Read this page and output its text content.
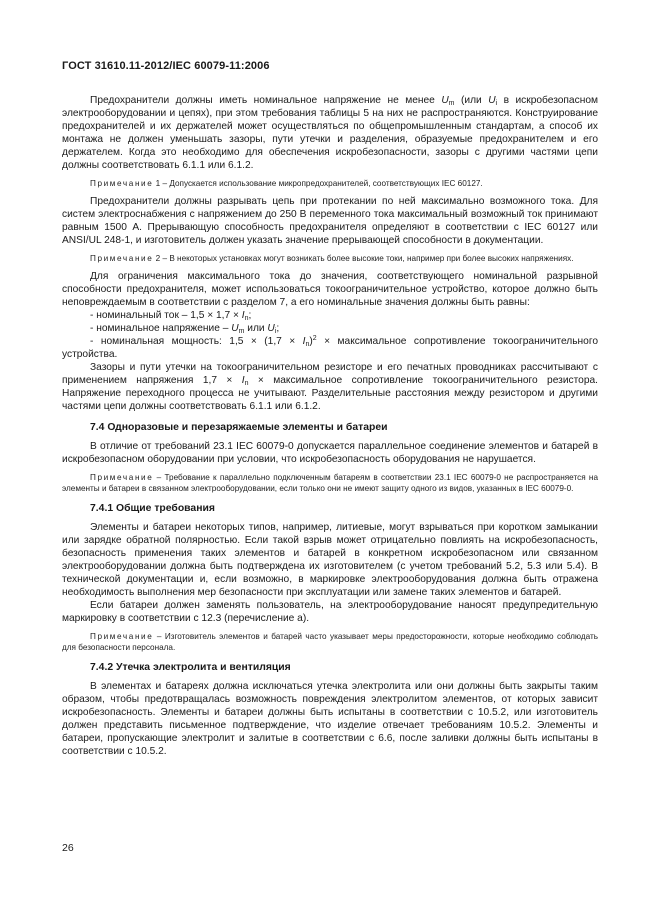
ГОСТ 31610.11-2012/IEC 60079-11:2006

Предохранители должны иметь номинальное напряжение не менее $U_m$ (или $U_i$ в искробезопасном электрооборудовании и цепях), при этом требования таблицы 5 на них не распространяются. Конструирование предохранителей и их держателей может осуществляться по общепромышленным стандартам, а способ их монтажа не должен уменьшать зазоры, пути утечки и разделения, образуемые предохранителем и его держателем. Когда это необходимо для обеспечения искробезопасности, зазоры с другими частями цепи должны соответствовать 6.1.1 или 6.1.2.

Примечание 1 – Допускается использование микропредохранителей, соответствующих IEC 60127.

Предохранители должны разрывать цепь при протекании по ней максимально возможного тока. Для систем электроснабжения с напряжением до 250 В переменного тока максимальный возможный ток принимают равным 1500 А. Прерывающую способность предохранителя определяют в соответствии с IEC 60127 или ANSI/UL 248-1, и изготовитель должен указать значение прерывающей способности в документации.

Примечание 2 – В некоторых установках могут возникать более высокие токи, например при более высоких напряжениях.

Для ограничения максимального тока до значения, соответствующего номинальной разрывной способности предохранителя, может использоваться токоограничительное устройство, которое должно быть неповреждаемым в соответствии с разделом 7, а его номинальные значения должны быть равны:

- номинальный ток – $1,5 \times 1,7 \times I_n$;

- номинальное напряжение – $U_m$ или $U_i$;

- номинальная мощность: $1,5 \times (1,7 \times I_n)^2$ × максимальное сопротивление токоограничительного устройства.

Зазоры и пути утечки на токоограничительном резисторе и его печатных проводниках рассчитывают с применением напряжения $1,7 \times I_n$ × максимальное сопротивление токоограничительного резистора. Напряжение переходного процесса не учитывают. Разделительные расстояния между резистором и другими частями цепи должны соответствовать 6.1.1 или 6.1.2.

7.4 Одноразовые и перезаряжаемые элементы и батареи

В отличие от требований 23.1 IEC 60079-0 допускается параллельное соединение элементов и батарей в искробезопасном оборудовании при условии, что искробезопасность оборудования не нарушается.

Примечание – Требование к параллельно подключенным батареям в соответствии 23.1 IEC 60079-0 не распространяется на элементы и батареи в связанном электрооборудовании, если только они не имеют защиту одного из видов, указанных в IEC 60079-0.

7.4.1 Общие требования

Элементы и батареи некоторых типов, например, литиевые, могут взрываться при коротком замыкании или зарядке обратной полярностью. Если такой взрыв может отрицательно повлиять на искробезопасность, безопасность применения таких элементов и батарей в конкретном искробезопасном или связанном электрооборудовании должна быть подтверждена их изготовителем (с учетом требований 5.2, 5.3 или 5.4). В технической документации и, если возможно, в маркировке электрооборудования должна быть отражена необходимость выполнения мер безопасности при эксплуатации или замене таких элементов и батарей.

Если батареи должен заменять пользователь, на электрооборудование наносят предупредительную маркировку в соответствии с 12.3 (перечисление а).

Примечание – Изготовитель элементов и батарей часто указывает меры предосторожности, которые необходимо соблюдать для безопасности персонала.

7.4.2 Утечка электролита и вентиляция

В элементах и батареях должна исключаться утечка электролита или они должны быть закрыты таким образом, чтобы предотвращалась возможность повреждения электролитом элементов, от которых зависит искробезопасность. Элементы и батареи должны быть испытаны в соответствии с 10.5.2, или изготовитель должен представить письменное подтверждение, что изделие отвечает требованиям 10.5.2. Элементы и батареи, пропускающие электролит и залитые в соответствии с 6.6, после заливки должны быть испытаны в соответствии с 10.5.2.

26
